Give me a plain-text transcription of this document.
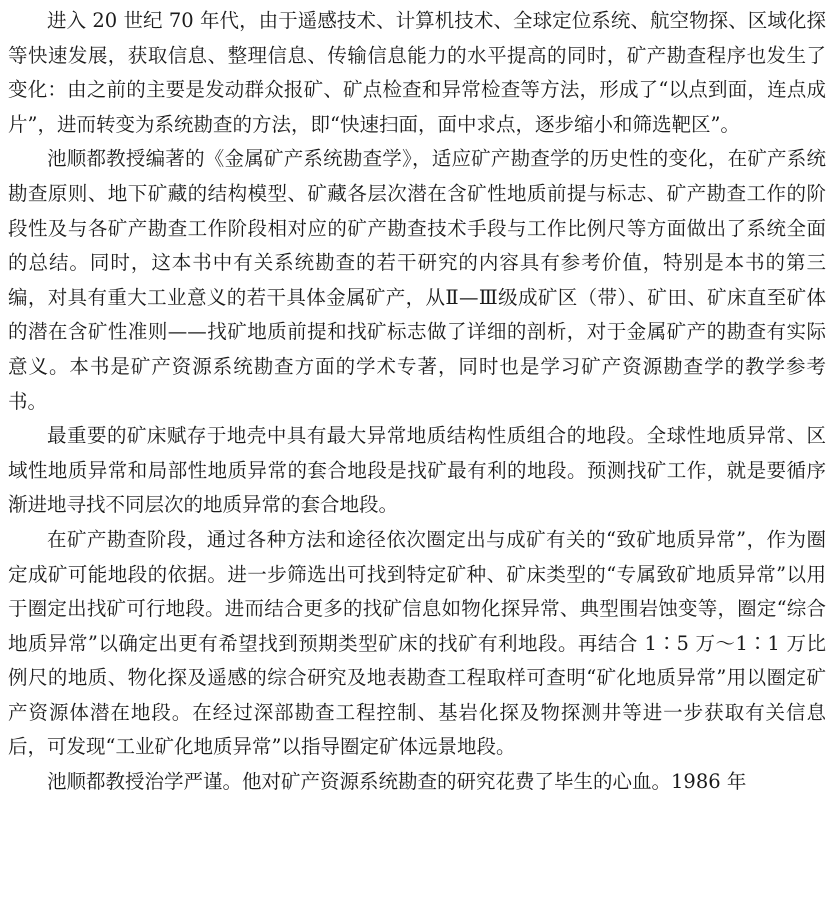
进入 20 世纪 70 年代，由于遥感技术、计算机技术、全球定位系统、航空物探、区域化探等快速发展，获取信息、整理信息、传输信息能力的水平提高的同时，矿产勘查程序也发生了变化：由之前的主要是发动群众报矿、矿点检查和异常检查等方法，形成了“以点到面，连点成片”，进而转变为系统勘查的方法，即“快速扫面，面中求点，逐步缩小和筛选靶区”。

池顺都教授编著的《金属矿产系统勘查学》，适应矿产勘查学的历史性的变化，在矿产系统勘查原则、地下矿藏的结构模型、矿藏各层次潜在含矿性地质前提与标志、矿产勘查工作的阶段性及与各矿产勘查工作阶段相对应的矿产勘查技术手段与工作比例尺等方面做出了系统全面的总结。同时，这本书中有关系统勘查的若干研究的内容具有参考价值，特别是本书的第三编，对具有重大工业意义的若干具体金属矿产，从Ⅱ—Ⅲ级成矿区（带）、矿田、矿床直至矿体的潜在含矿性准则——找矿地质前提和找矿标志做了详细的剖析，对于金属矿产的勘查有实际意义。本书是矿产资源系统勘查方面的学术专著，同时也是学习矿产资源勘查学的教学参考书。

最重要的矿床赋存于地壳中具有最大异常地质结构性质组合的地段。全球性地质异常、区域性地质异常和局部性地质异常的套合地段是找矿最有利的地段。预测找矿工作，就是要循序渐进地寻找不同层次的地质异常的套合地段。

在矿产勘查阶段，通过各种方法和途径依次圈定出与成矿有关的“致矿地质异常”，作为圈定成矿可能地段的依据。进一步筛选出可找到特定矿种、矿床类型的“专属致矿地质异常”以用于圈定出找矿可行地段。进而结合更多的找矿信息如物化探异常、典型围岩蚀变等，圈定“综合地质异常”以确定出更有希望找到预期类型矿床的找矿有利地段。再结合 1∶5 万～1∶1 万比例尺的地质、物化探及遥感的综合研究及地表勘查工程取样可查明“矿化地质异常”用以圈定矿产资源体潜在地段。在经过深部勘查工程控制、基岩化探及物探测井等进一步获取有关信息后，可发现“工业矿化地质异常”以指导圈定矿体远景地段。

池顺都教授治学严谨。他对矿产资源系统勘查的研究花费了毕生的心血。1986 年
